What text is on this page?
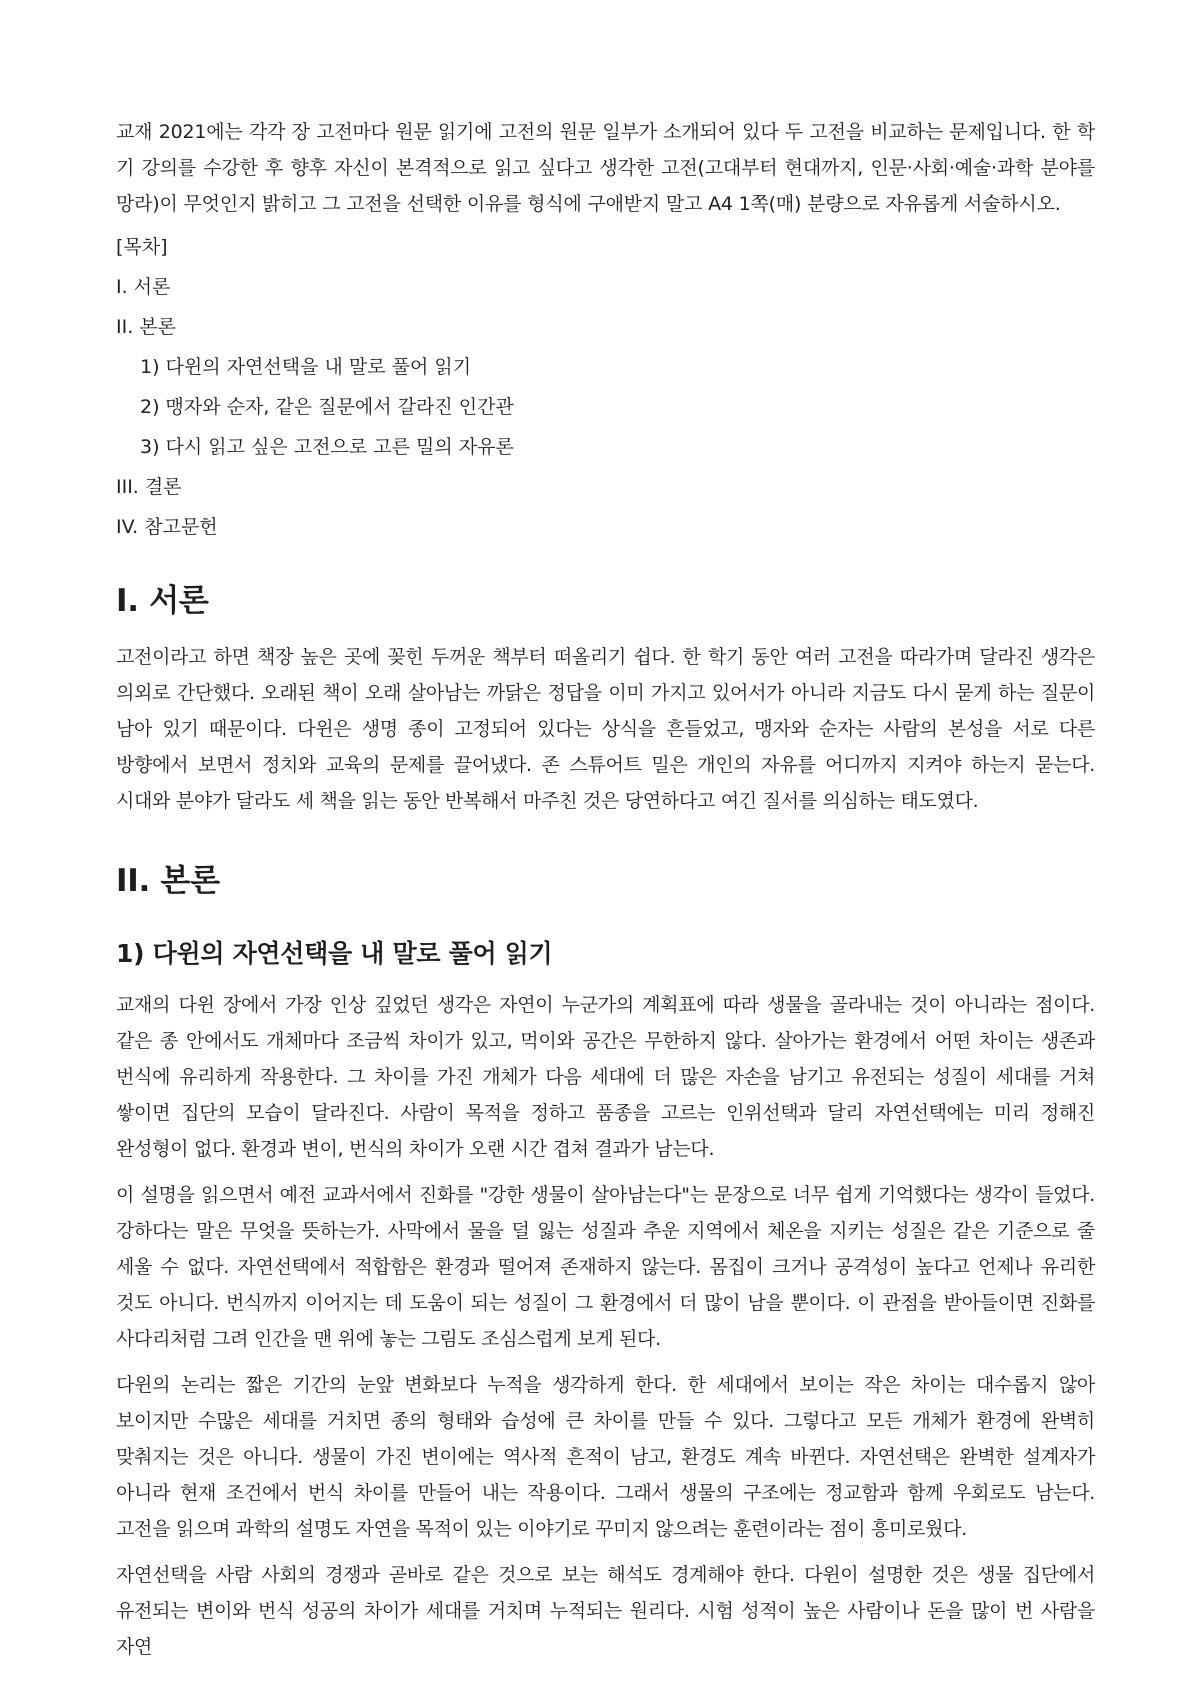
교재 2021에는 각각 장 고전마다 원문 읽기에 고전의 원문 일부가 소개되어 있다 두 고전을 비교하는 문제입니다. 한 학기 강의를 수강한 후 향후 자신이 본격적으로 읽고 싶다고 생각한 고전(고대부터 현대까지, 인문·사회·예술·과학 분야를 망라)이 무엇인지 밝히고 그 고전을 선택한 이유를 형식에 구애받지 말고 A4 1쪽(매) 분량으로 자유롭게 서술하시오.

[목차]
I. 서론
II. 본론
1) 다윈의 자연선택을 내 말로 풀어 읽기
2) 맹자와 순자, 같은 질문에서 갈라진 인간관
3) 다시 읽고 싶은 고전으로 고른 밀의 자유론
III. 결론
IV. 참고문헌
I. 서론

고전이라고 하면 책장 높은 곳에 꽂힌 두꺼운 책부터 떠올리기 쉽다. 한 학기 동안 여러 고전을 따라가며 달라진 생각은 의외로 간단했다. 오래된 책이 오래 살아남는 까닭은 정답을 이미 가지고 있어서가 아니라 지금도 다시 묻게 하는 질문이 남아 있기 때문이다. 다윈은 생명 종이 고정되어 있다는 상식을 흔들었고, 맹자와 순자는 사람의 본성을 서로 다른 방향에서 보면서 정치와 교육의 문제를 끌어냈다. 존 스튜어트 밀은 개인의 자유를 어디까지 지켜야 하는지 묻는다. 시대와 분야가 달라도 세 책을 읽는 동안 반복해서 마주친 것은 당연하다고 여긴 질서를 의심하는 태도였다.

II. 본론
1) 다윈의 자연선택을 내 말로 풀어 읽기

교재의 다윈 장에서 가장 인상 깊었던 생각은 자연이 누군가의 계획표에 따라 생물을 골라내는 것이 아니라는 점이다. 같은 종 안에서도 개체마다 조금씩 차이가 있고, 먹이와 공간은 무한하지 않다. 살아가는 환경에서 어떤 차이는 생존과 번식에 유리하게 작용한다. 그 차이를 가진 개체가 다음 세대에 더 많은 자손을 남기고 유전되는 성질이 세대를 거쳐 쌓이면 집단의 모습이 달라진다. 사람이 목적을 정하고 품종을 고르는 인위선택과 달리 자연선택에는 미리 정해진 완성형이 없다. 환경과 변이, 번식의 차이가 오랜 시간 겹쳐 결과가 남는다.

이 설명을 읽으면서 예전 교과서에서 진화를 "강한 생물이 살아남는다"는 문장으로 너무 쉽게 기억했다는 생각이 들었다. 강하다는 말은 무엇을 뜻하는가. 사막에서 물을 덜 잃는 성질과 추운 지역에서 체온을 지키는 성질은 같은 기준으로 줄 세울 수 없다. 자연선택에서 적합함은 환경과 떨어져 존재하지 않는다. 몸집이 크거나 공격성이 높다고 언제나 유리한 것도 아니다. 번식까지 이어지는 데 도움이 되는 성질이 그 환경에서 더 많이 남을 뿐이다. 이 관점을 받아들이면 진화를 사다리처럼 그려 인간을 맨 위에 놓는 그림도 조심스럽게 보게 된다.

다윈의 논리는 짧은 기간의 눈앞 변화보다 누적을 생각하게 한다. 한 세대에서 보이는 작은 차이는 대수롭지 않아 보이지만 수많은 세대를 거치면 종의 형태와 습성에 큰 차이를 만들 수 있다. 그렇다고 모든 개체가 환경에 완벽히 맞춰지는 것은 아니다. 생물이 가진 변이에는 역사적 흔적이 남고, 환경도 계속 바뀐다. 자연선택은 완벽한 설계자가 아니라 현재 조건에서 번식 차이를 만들어 내는 작용이다. 그래서 생물의 구조에는 정교함과 함께 우회로도 남는다. 고전을 읽으며 과학의 설명도 자연을 목적이 있는 이야기로 꾸미지 않으려는 훈련이라는 점이 흥미로웠다.

자연선택을 사람 사회의 경쟁과 곧바로 같은 것으로 보는 해석도 경계해야 한다. 다윈이 설명한 것은 생물 집단에서 유전되는 변이와 번식 성공의 차이가 세대를 거치며 누적되는 원리다. 시험 성적이 높은 사람이나 돈을 많이 번 사람을 자연
